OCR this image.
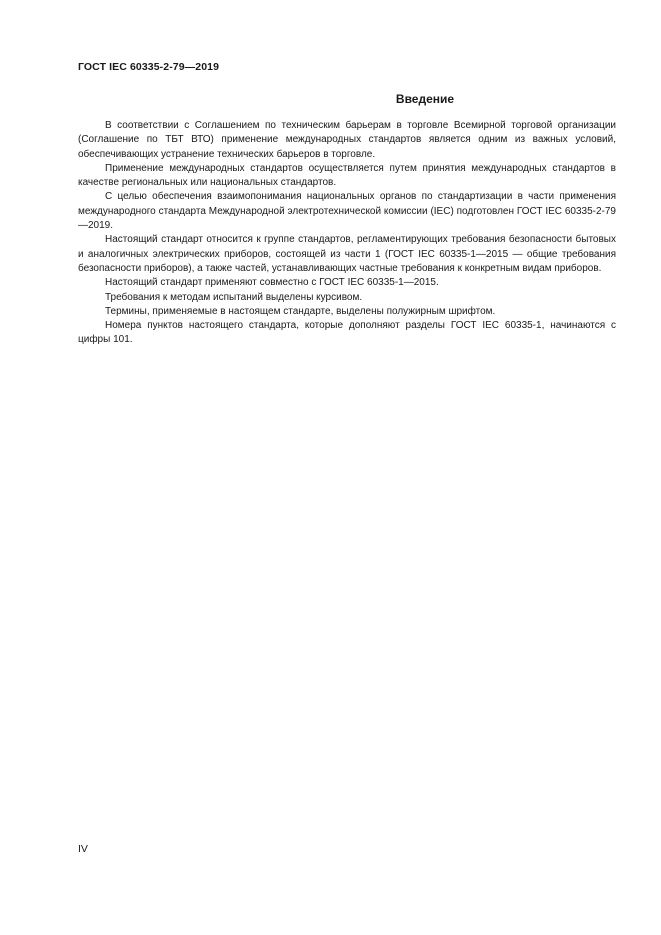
ГОСТ IEC 60335-2-79—2019
Введение

В соответствии с Соглашением по техническим барьерам в торговле Всемирной торговой организации (Соглашение по ТБТ ВТО) применение международных стандартов является одним из важных условий, обеспечивающих устранение технических барьеров в торговле.

Применение международных стандартов осуществляется путем принятия международных стандартов в качестве региональных или национальных стандартов.

С целью обеспечения взаимопонимания национальных органов по стандартизации в части применения международного стандарта Международной электротехнической комиссии (IEC) подготовлен ГОСТ IEC 60335-2-79—2019.

Настоящий стандарт относится к группе стандартов, регламентирующих требования безопасности бытовых и аналогичных электрических приборов, состоящей из части 1 (ГОСТ IEC 60335-1—2015 — общие требования безопасности приборов), а также частей, устанавливающих частные требования к конкретным видам приборов.

Настоящий стандарт применяют совместно с ГОСТ IEC 60335-1—2015.

Требования к методам испытаний выделены курсивом.

Термины, применяемые в настоящем стандарте, выделены полужирным шрифтом.

Номера пунктов настоящего стандарта, которые дополняют разделы ГОСТ IEC 60335-1, начинаются с цифры 101.

IV
